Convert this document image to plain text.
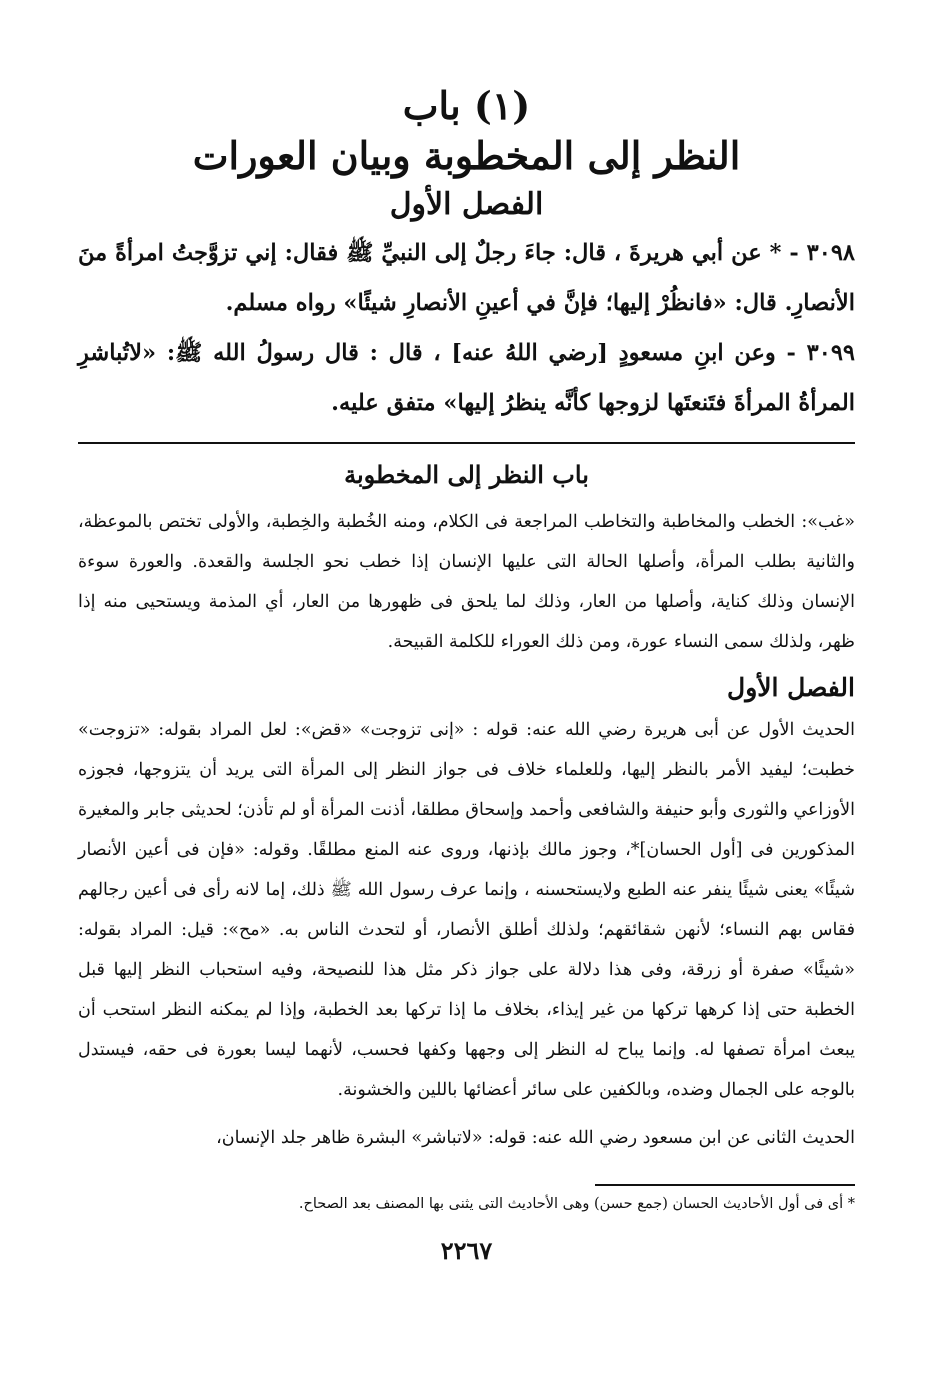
(١) باب
النظر إلى المخطوبة وبيان العورات
الفصل الأول

٣٠٩٨ - * عن أبي هريرةَ ، قال: جاءَ رجلٌ إلى النبيِّ ﷺ فقال: إني تزوَّجتُ امرأةً منَ الأنصارِ. قال: «فانظُرْ إليها؛ فإنَّ في أعينِ الأنصارِ شيئًا» رواه مسلم.

٣٠٩٩ - وعن ابنِ مسعودٍ [رضي اللهُ عنه] ، قال : قال رسولُ الله ﷺ: «لاتُباشرِ المرأةُ المرأةَ فتَنعتَها لزوجها كأنَّه ينظرُ إليها» متفق عليه.

باب النظر إلى المخطوبة

«غب»: الخطب والمخاطبة والتخاطب المراجعة فى الكلام، ومنه الخُطبة والخِطبة، والأولى تختص بالموعظة، والثانية بطلب المرأة، وأصلها الحالة التى عليها الإنسان إذا خطب نحو الجلسة والقعدة. والعورة سوءة الإنسان وذلك كناية، وأصلها من العار، وذلك لما يلحق فى ظهورها من العار، أي المذمة ويستحيى منه إذا ظهر، ولذلك سمى النساء عورة، ومن ذلك العوراء للكلمة القبيحة.

الفصل الأول

الحديث الأول عن أبى هريرة رضي الله عنه: قوله : «إنى تزوجت» «قض»: لعل المراد بقوله: «تزوجت» خطبت؛ ليفيد الأمر بالنظر إليها، وللعلماء خلاف فى جواز النظر إلى المرأة التى يريد أن يتزوجها، فجوزه الأوزاعي والثورى وأبو حنيفة والشافعى وأحمد وإسحاق مطلقا، أذنت المرأة أو لم تأذن؛ لحديثى جابر والمغيرة المذكورين فى [أول الحسان]*، وجوز مالك بإذنها، وروى عنه المنع مطلقًا. وقوله: «فإن فى أعين الأنصار شيئًا» يعنى شيئًا ينفر عنه الطبع ولايستحسنه ، وإنما عرف رسول الله ﷺ ذلك، إما لانه رأى فى أعين رجالهم فقاس بهم النساء؛ لأنهن شقائقهم؛ ولذلك أطلق الأنصار، أو لتحدث الناس به. «مح»: قيل: المراد بقوله: «شيئًا» صفرة أو زرقة، وفى هذا دلالة على جواز ذكر مثل هذا للنصيحة، وفيه استحباب النظر إليها قبل الخطبة حتى إذا كرهها تركها من غير إيذاء، بخلاف ما إذا تركها بعد الخطبة، وإذا لم يمكنه النظر استحب أن يبعث امرأة تصفها له. وإنما يباح له النظر إلى وجهها وكفها فحسب، لأنهما ليسا بعورة فى حقه، فيستدل بالوجه على الجمال وضده، وبالكفين على سائر أعضائها باللين والخشونة.

الحديث الثانى عن ابن مسعود رضي الله عنه: قوله: «لاتباشر» البشرة ظاهر جلد الإنسان،

* أى فى أول الأحاديث الحسان (جمع حسن) وهى الأحاديث التى يثنى بها المصنف بعد الصحاح.
٢٢٦٧
